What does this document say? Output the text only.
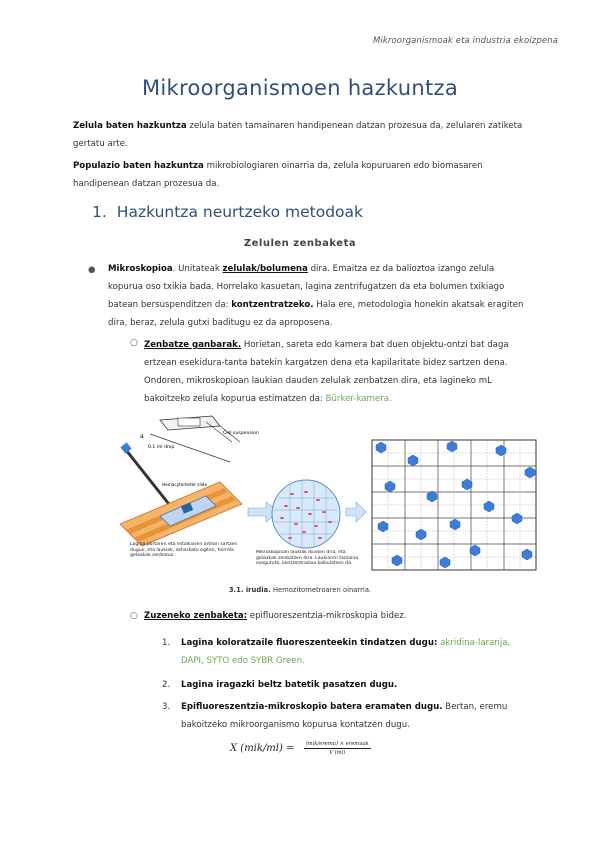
Mikroorganismoak eta industria ekoizpena
Mikroorganismoen hazkuntza
Zelula baten hazkuntza zelula baten tamainaren handipenean datzan prozesua da, zelularen zatiketa gertatu arte.
Populazio baten hazkuntza mikrobiologiaren oinarria da, zelula kopuruaren edo biomasaren handipenean datzan prozesua da.
1. Hazkuntza neurtzeko metodoak
Zelulen zenbaketa
● Mikroskopioa. Unitateak zelulak/bolumena dira. Emaitza ez da balioztoa izango zelula kopurua oso txikia bada. Horrelako kasuetan, lagina zentrifugatzen da eta bolumen txikiago batean bersuspenditzen da: kontzentratzeko. Hala ere, metodologia honekin akatsak eragiten dira, beraz, zelula gutxi baditugu ez da aproposena.
○ Zenbatze ganbarak. Horietan, sareta edo kamera bat duen objektu-ontzi bat daga ertzean esekidura-tanta batekin kargatzen dena eta kapilaritate bidez sartzen dena. Ondoren, mikroskopioan laukian dauden zelulak zenbatzen dira, eta lagineko mL bakoitzeko zelula kopurua estimatzen da: Bürker-kamera.
a	Cell suspension
0.1 ml drop
Hemacytometer slide
Lagina portaren eta estalkiaren artean sartzen duguu, eta laukiek, zeharkatu egiten, horrela gelaxkak zenbatuz.
Mikroskopioan laukiak ikusten dira, eta gelaxkak zenbatzen dira. Laukiaren tamaina ezagututa, kontzentrazioa kalkulatzen da.
3.1. irudia. Hemozitometroaren oinarria.
○ Zuzeneko zenbaketa: epifluoreszentzia-mikroskopia bidez.
1.	Lagina koloratzaile fluoreszenteekin tindatzen dugu: akridina-laranja, DAPI, SYTO edo SYBR Green.
2.	Lagina iragazki beltz batetik pasatzen dugu.
3.	Epifluoreszentzia-mikroskopio batera eramaten dugu. Bertan, eremu bakoitzeko mikroorganismo kopurua kontatzen dugu.
X $(mik/ml) = \frac{\text{(mik/eremu) × eremuak}}{V (ml)}$
